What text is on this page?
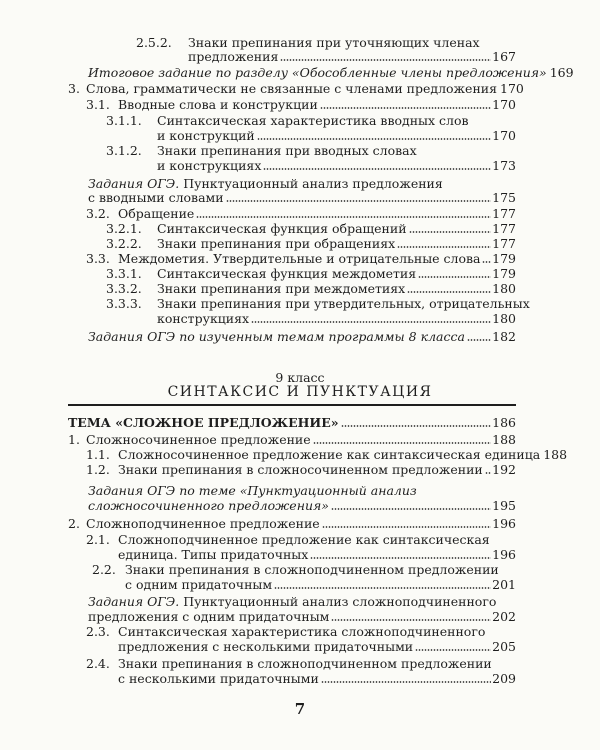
2.5.2. Знаки препинания при уточняющих членах
предложения	167
Итоговое задание по разделу «Обособленные члены предложения» 169
3. Слова, грамматически не связанные с членами предложения 170
3.1. Вводные слова и конструкции	170
3.1.1. Синтаксическая характеристика вводных слов
и конструкций	170
3.1.2. Знаки препинания при вводных словах
и конструкциях	173
Задания ОГЭ. Пунктуационный анализ предложения
с вводными словами	175
3.2. Обращение	177
3.2.1. Синтаксическая функция обращений	177
3.2.2. Знаки препинания при обращениях	177
3.3. Междометия. Утвердительные и отрицательные слова 179
3.3.1. Синтаксическая функция междометия	179
3.3.2. Знаки препинания при междометиях	180
3.3.3. Знаки препинания при утвердительных, отрицательных
конструкциях	180
Задания ОГЭ по изученным темам программы 8 класса 182
9 класс
СИНТАКСИС И ПУНКТУАЦИЯ
ТЕМА «СЛОЖНОЕ ПРЕДЛОЖЕНИЕ»	186
1. Сложносочиненное предложение	188
1.1. Сложносочиненное предложение как синтаксическая единица 188
1.2. Знаки препинания в сложносочиненном предложении 192
Задания ОГЭ по теме «Пунктуационный анализ
сложносочиненного предложения»	195
2. Сложноподчиненное предложение	196
2.1. Сложноподчиненное предложение как синтаксическая
единица. Типы придаточных	196
2.2. Знаки препинания в сложноподчиненном предложении
с одним придаточным	201
Задания ОГЭ. Пунктуационный анализ сложноподчиненного
предложения с одним придаточным	202
2.3. Синтаксическая характеристика сложноподчиненного
предложения с несколькими придаточными	205
2.4. Знаки препинания в сложноподчиненном предложении
с несколькими придаточными	209
7
